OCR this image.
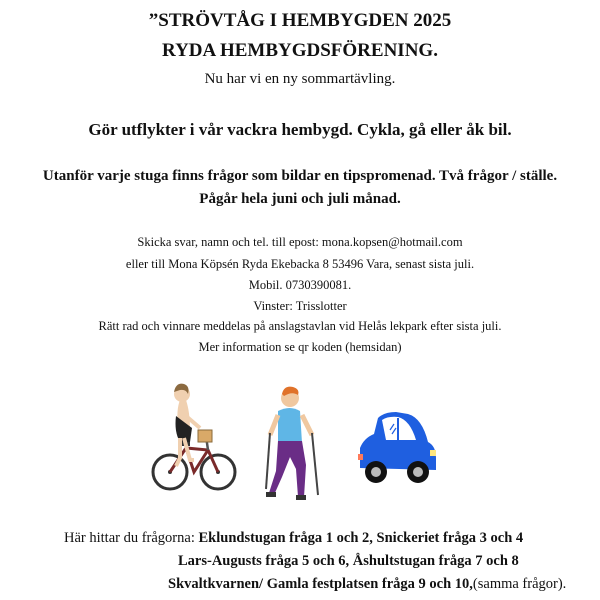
”STRÖVTÅG I HEMBYGDEN 2025
RYDA HEMBYGDSFÖRENING.
Nu har vi en ny sommartävling.
Gör utflykter i vår vackra hembygd. Cykla, gå eller åk bil.
Utanför varje stuga finns frågor som bildar en tipspromenad. Två frågor / ställe.
Pågår hela juni och juli månad.
Skicka svar, namn och tel. till epost: mona.kopsen@hotmail.com
eller till Mona Köpsén Ryda Ekebacka 8 53496 Vara, senast sista juli.
Mobil. 0730390081.
Vinster: Trisslotter
Rätt rad och vinnare meddelas på anslagstavlan vid Helås lekpark efter sista juli.
Mer information se qr koden (hemsidan)
Här hittar du frågorna: Eklundstugan fråga 1 och 2, Snickeriet fråga 3 och 4
Lars-Augusts fråga 5 och 6, Åshultstugan fråga 7 och 8
Skvaltkvarnen/ Gamla festplatsen fråga 9 och 10,(samma frågor).
